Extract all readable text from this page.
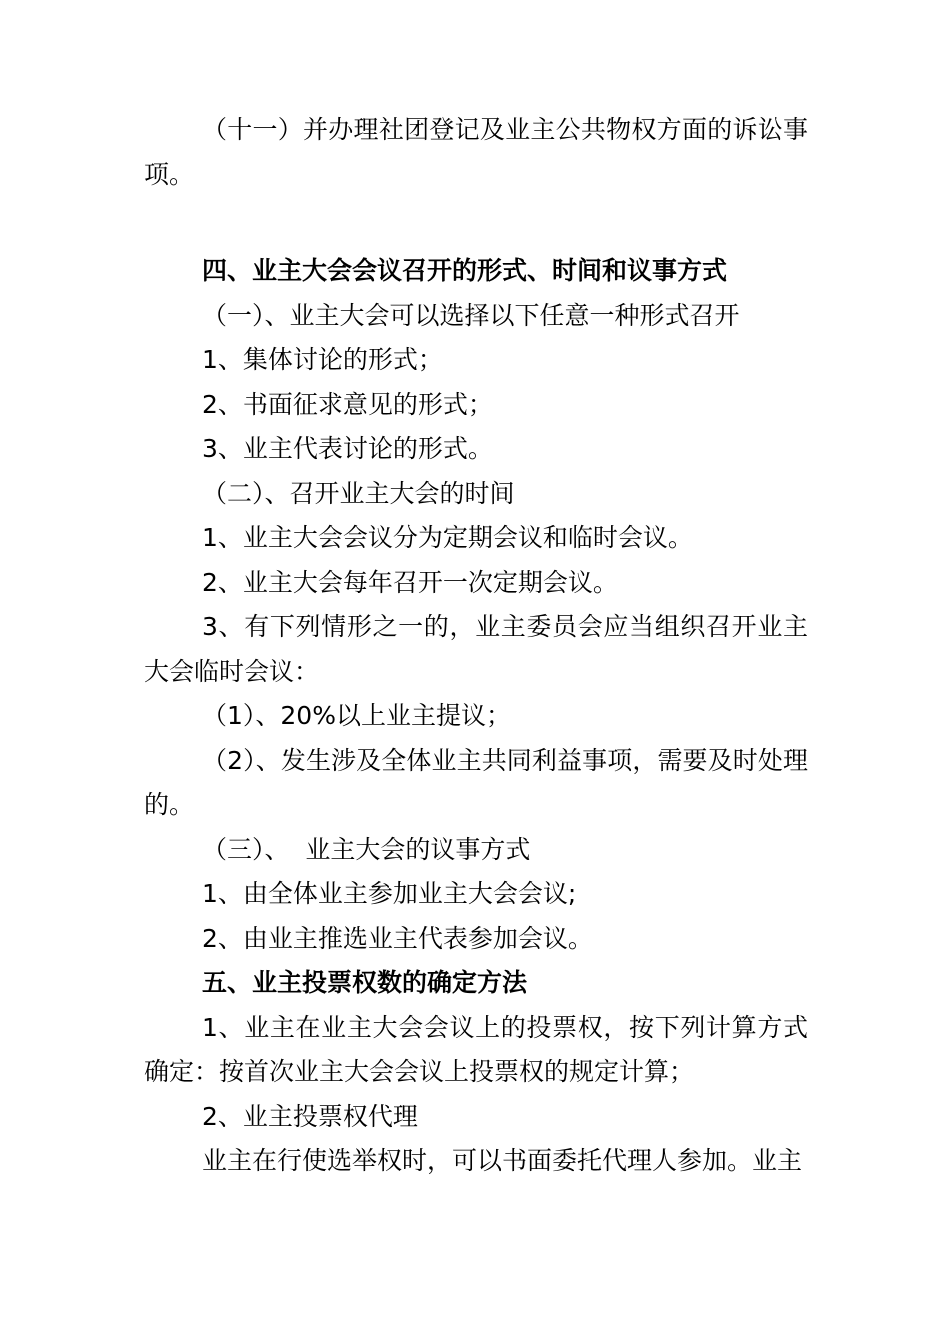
（十一）并办理社团登记及业主公共物权方面的诉讼事项。

四、业主大会会议召开的形式、时间和议事方式

（一）、业主大会可以选择以下任意一种形式召开

1、集体讨论的形式；

2、书面征求意见的形式；

3、业主代表讨论的形式。

（二）、召开业主大会的时间

1、业主大会会议分为定期会议和临时会议。

2、业主大会每年召开一次定期会议。

3、有下列情形之一的，业主委员会应当组织召开业主大会临时会议：

（1）、20%以上业主提议；

（2）、发生涉及全体业主共同利益事项，需要及时处理的。

（三）、  业主大会的议事方式

1、由全体业主参加业主大会会议;

2、由业主推选业主代表参加会议。

五、业主投票权数的确定方法

1、业主在业主大会会议上的投票权，按下列计算方式确定：按首次业主大会会议上投票权的规定计算；

2、业主投票权代理

业主在行使选举权时，可以书面委托代理人参加。业主
